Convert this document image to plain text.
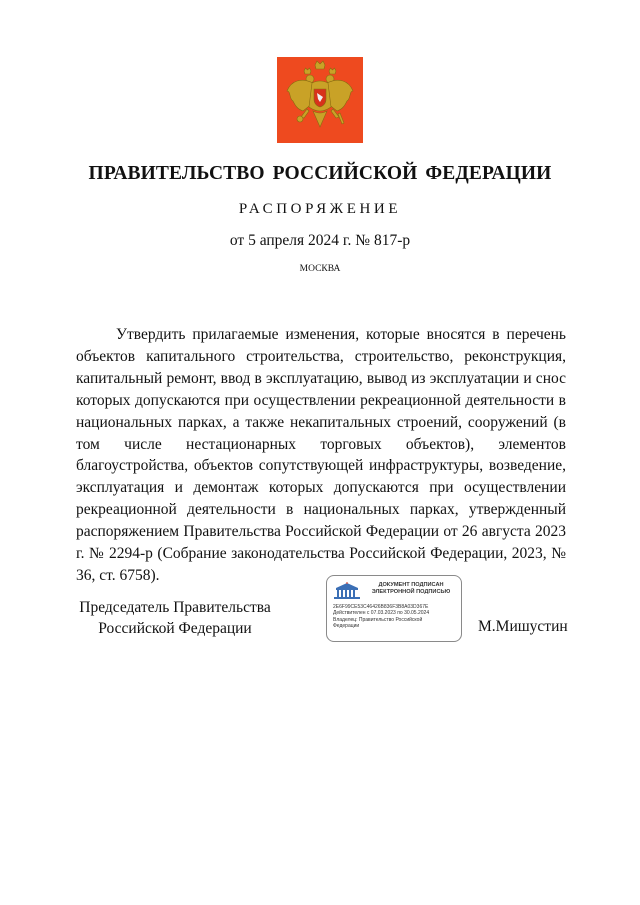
ПРАВИТЕЛЬСТВО РОССИЙСКОЙ ФЕДЕРАЦИИ
РАСПОРЯЖЕНИЕ
от 5 апреля 2024 г. № 817-р
МОСКВА

Утвердить прилагаемые изменения, которые вносятся в перечень объектов капитального строительства, строительство, реконструкция, капитальный ремонт, ввод в эксплуатацию, вывод из эксплуатации и снос которых допускаются при осуществлении рекреационной деятельности в национальных парках, а также некапитальных строений, сооружений (в том числе нестационарных торговых объектов), элементов благоустройства, объектов сопутствующей инфраструктуры, возведение, эксплуатация и демонтаж которых допускаются при осуществлении рекреационной деятельности в национальных парках, утвержденный распоряжением Правительства Российской Федерации от 26 августа 2023 г. № 2294-р (Собрание законодательства Российской Федерации, 2023, № 36, ст. 6758).

Председатель Правительства
Российской Федерации
ДОКУМЕНТ ПОДПИСАН
ЭЛЕКТРОННОЙ ПОДПИСЬЮ
2E6F99CE53C46426B836F3B8A03D367E
Действителен с 07.03.2023 по 30.05.2024
Владелец: Правительство Российской
Федерации	М.Мишустин
